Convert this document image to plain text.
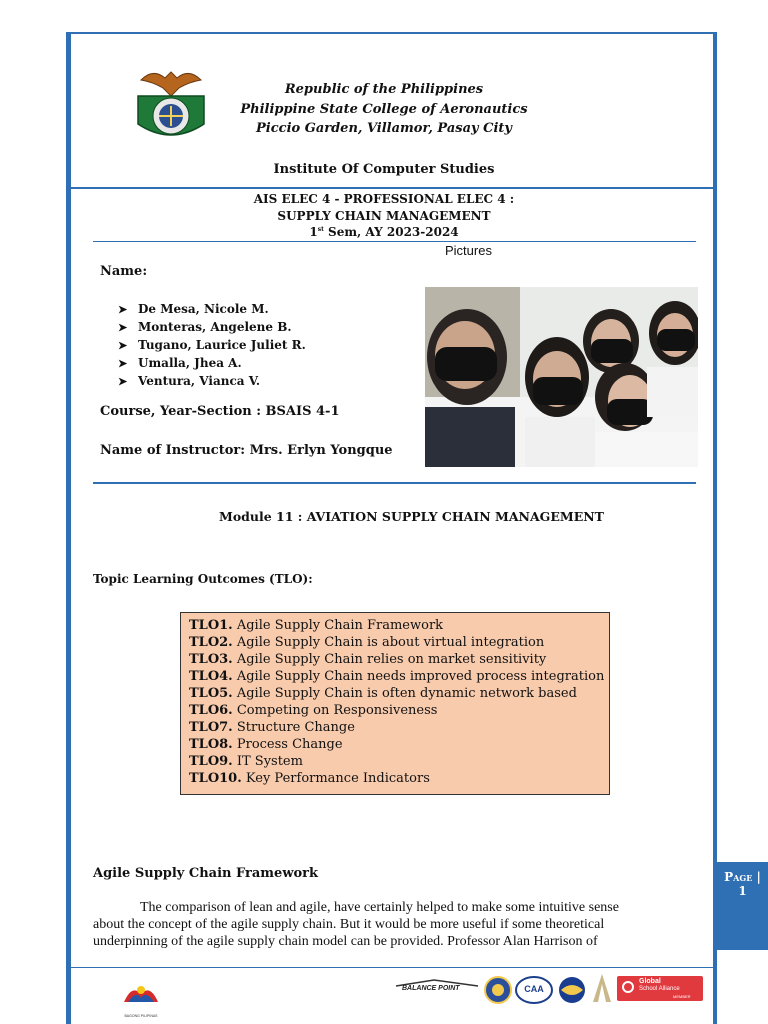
Republic of the Philippines
Philippine State College of Aeronautics
Piccio Garden, Villamor, Pasay City
Institute Of Computer Studies
AIS ELEC 4 - PROFESSIONAL ELEC 4 :
SUPPLY CHAIN MANAGEMENT
1st Sem, AY 2023-2024
Pictures
Name:
➤ De Mesa, Nicole M.
➤ Monteras, Angelene B.
➤ Tugano, Laurice Juliet R.
➤ Umalla, Jhea A.
➤ Ventura, Vianca V.
Course, Year-Section : BSAIS 4-1
Name of Instructor: Mrs. Erlyn Yongque
Module 11 : AVIATION SUPPLY CHAIN MANAGEMENT
Topic Learning Outcomes (TLO):
TLO1. Agile Supply Chain Framework
TLO2. Agile Supply Chain is about virtual integration
TLO3. Agile Supply Chain relies on market sensitivity
TLO4. Agile Supply Chain needs improved process integration
TLO5. Agile Supply Chain is often dynamic network based
TLO6. Competing on Responsiveness
TLO7. Structure Change
TLO8. Process Change
TLO9. IT System
TLO10. Key Performance Indicators
Agile Supply Chain Framework
The comparison of lean and agile, have certainly helped to make some intuitive sense
about the concept of the agile supply chain. But it would be more useful if some theoretical
underpinning of the agile supply chain model can be provided. Professor Alan Harrison of
Page |
1
BAGONG PILIPINAS
BALANCE POINT	CAA
Global
School Alliance
MEMBER
